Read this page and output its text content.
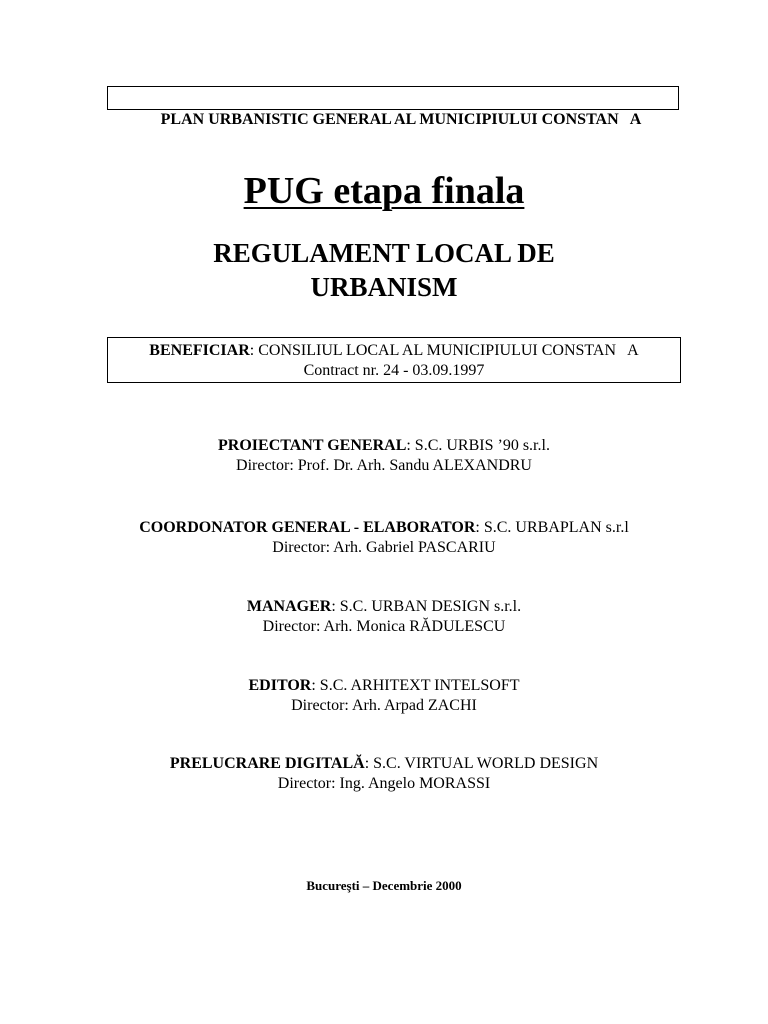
PLAN URBANISTIC GENERAL AL MUNICIPIULUI CONSTAN   A

PUG etapa finala
REGULAMENT LOCAL DE
URBANISM
BENEFICIAR: CONSILIUL LOCAL AL MUNICIPIULUI CONSTAN   A
Contract nr. 24 - 03.09.1997
PROIECTANT GENERAL: S.C. URBIS ’90 s.r.l.
Director: Prof. Dr. Arh. Sandu ALEXANDRU
COORDONATOR GENERAL - ELABORATOR: S.C. URBAPLAN s.r.l
Director: Arh. Gabriel PASCARIU
MANAGER: S.C. URBAN DESIGN s.r.l.
Director: Arh. Monica RĂDULESCU
EDITOR: S.C. ARHITEXT INTELSOFT
Director: Arh. Arpad ZACHI
PRELUCRARE DIGITALĂ: S.C. VIRTUAL WORLD DESIGN
Director: Ing. Angelo MORASSI
Bucureşti – Decembrie 2000
